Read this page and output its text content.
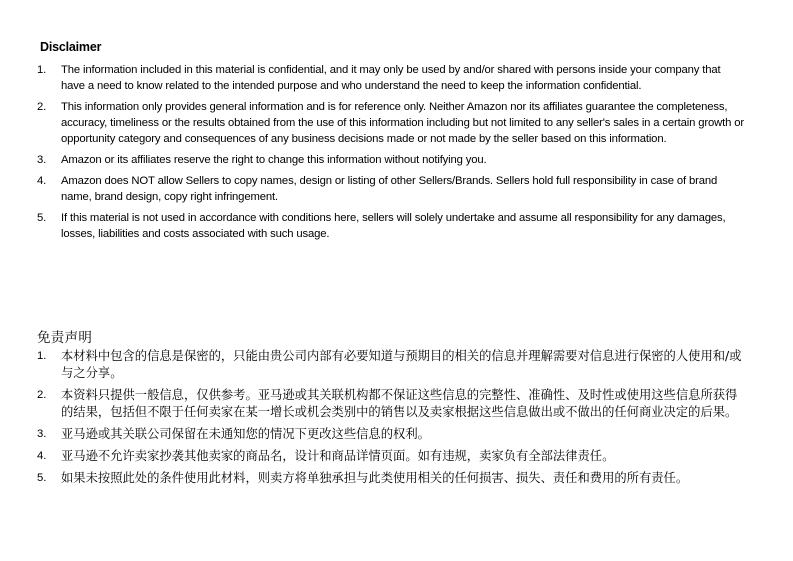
Disclaimer
1. The information included in this material is confidential, and it may only be used by and/or shared with persons inside your company that have a need to know related to the intended purpose and who understand the need to keep the information confidential.
2. This information only provides general information and is for reference only. Neither Amazon nor its affiliates guarantee the completeness, accuracy, timeliness or the results obtained from the use of this information including but not limited to any seller's sales in a certain growth or opportunity category and consequences of any business decisions made or not made by the seller based on this information.
3. Amazon or its affiliates reserve the right to change this information without notifying you.
4. Amazon does NOT allow Sellers to copy names, design or listing of other Sellers/Brands. Sellers hold full responsibility in case of brand name, brand design, copy right infringement.
5. If this material is not used in accordance with conditions here, sellers will solely undertake and assume all responsibility for any damages, losses, liabilities and costs associated with such usage.
免责声明
1. 本材料中包含的信息是保密的，只能由贵公司内部有必要知道与预期目的相关的信息并理解需要对信息进行保密的人使用和/或与之分享。
2. 本资料只提供一般信息，仅供参考。亚马逊或其关联机构都不保证这些信息的完整性、准确性、及时性或使用这些信息所获得的结果，包括但不限于任何卖家在某一增长或机会类别中的销售以及卖家根据这些信息做出或不做出的任何商业决定的后果。
3. 亚马逊或其关联公司保留在未通知您的情况下更改这些信息的权利。
4. 亚马逊不允许卖家抄袭其他卖家的商品名，设计和商品详情页面。如有违规，卖家负有全部法律责任。
5. 如果未按照此处的条件使用此材料，则卖方将单独承担与此类使用相关的任何损害、损失、责任和费用的所有责任。
